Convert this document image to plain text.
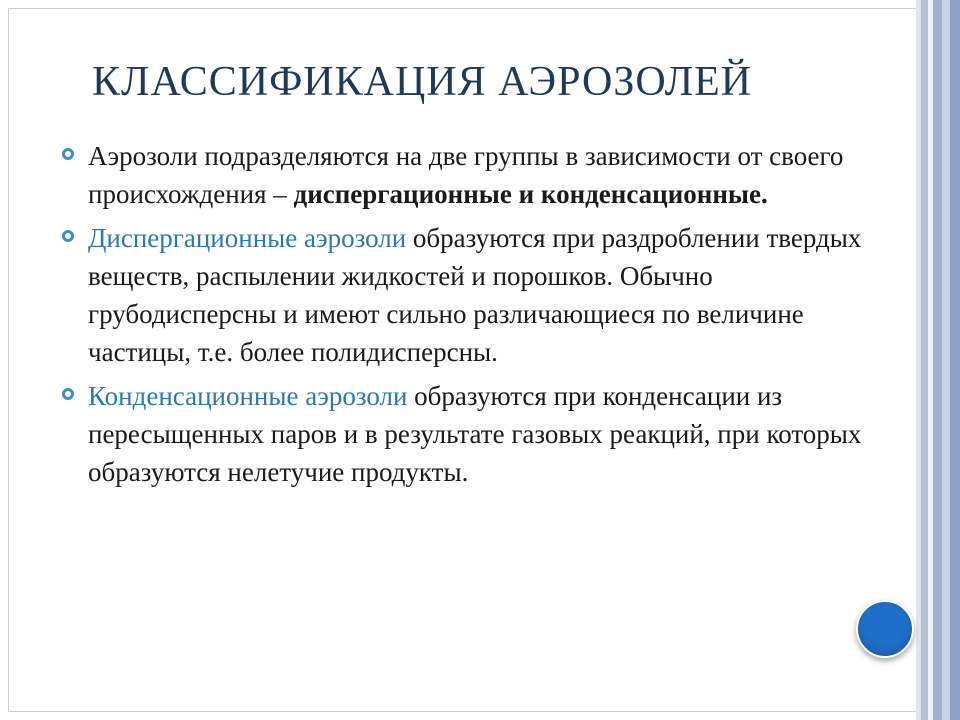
КЛАССИФИКАЦИЯ АЭРОЗОЛЕЙ
Аэрозоли подразделяются на две группы в зависимости от своего происхождения – диспергационные и конденсационные.
Диспергационные аэрозоли образуются при раздроблении твердых веществ, распылении жидкостей и порошков. Обычно грубодисперсны и имеют сильно различающиеся по величине частицы, т.е. более полидисперсны.
Конденсационные аэрозоли образуются при конденсации из пересыщенных паров и в результате газовых реакций, при которых образуются нелетучие продукты.
